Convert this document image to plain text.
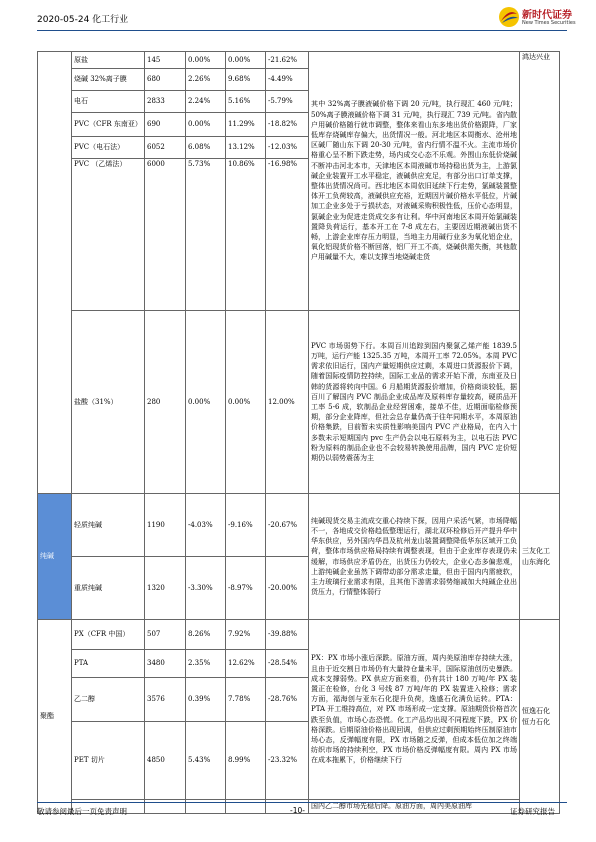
2020-05-24 化工行业	新时代证券
New Times Securities
	原盐	145	0.00%	0.00%	-21.62%	其中 32%离子膜液碱价格下调 20 元/吨，执行现汇 460 元/吨；50%离子膜液碱价格下调 31 元/吨，执行现汇 739 元/吨。省内散户用碱价格随行就市调整，整体来看山东多地出货价格跟降，厂家低库存烧碱库存偏大，出货情况一般。河北地区本周衡水、沧州地区碱厂随山东下调 20-30 元/吨，省内行情不温不火。主流市场价格重心呈不断下跌走势，场内成交心态不乐观。外围山东低价烧碱不断冲击河北本市，天津地区本周液碱市场持稳出货为主，上游氯碱企业装置开工水平稳定，液碱供应充足，有部分出口订单支撑，整体出货情况尚可。西北地区本周依旧延续下行走势，氯碱装置整体开工负荷较高，液碱供应充裕，近期因片碱价格水平低位，片碱加工企业多处于亏损状态，对液碱采购积极性低，压价心态明显，氯碱企业为促进走货成交多有让利。华中河南地区本周开始氯碱装置降负荷运行，基本开工在 7-8 成左右，主要因近期液碱出货不畅，上游企业库存压力明显，当地主力用碱行业多为氧化铝企业，氧化铝现货价格不断回落，铝厂开工不高，烧碱供需失衡，其他散户用碱量不大，难以支撑当地烧碱走货	鸿达兴业
	烧碱 32%离子膜	680	2.26%	9.68%	-4.49%		
	电石	2833	2.24%	5.16%	-5.79%		
	PVC（CFR 东南亚）	690	0.00%	11.29%	-18.82%		
	PVC（电石法）	6052	6.08%	13.12%	-12.03%		
	PVC （乙烯法）	6000	5.73%	10.86%	-16.98%		
	盐酸（31%）	280	0.00%	0.00%	12.00%	PVC 市场弱势下行。本周百川追踪到国内聚氯乙烯产能 1839.5 万吨，运行产能 1325.35 万吨，本周开工率 72.05%。本周 PVC 需求依旧运行，国内产量短期供应过剩，本周进口货源报价下调，随着国际疫情防控持续，国际工业品的需求开始下滑，东南亚及日韩的货源将转向中国。6 月船期货源报价增加，价格商谈较低，据百川了解国内 PVC 制品企业成品库及原料库存量较高，硬质品开工率 5-6 成，软制品企业经营困难，接单不佳，近期面临检修预期，部分企业降库，但社会总存量仍高于往年同期水平，本周原油价格集跌，目前暂未实质性影响美国内 PVC 产业格局，在内入十多数未示短期国内 pvc 生产仍会以电石原料为主，以电石法 PVC 粉为原料的制品企业也不会较易转换使用品牌，国内 PVC 定价短期仍以弱势震荡为主	
纯碱	轻质纯碱	1190	-4.03%	-9.16%	-20.67%	纯碱现货交易主流成交重心持续下探，因用户采活气紧，市场降幅不一，各地成交价格趋低整理运行，湖北双环检修后开产提升华中华东供应，另外国内华昌及杭州龙山装置调整降低华东区域开工负荷，整体市场供应格局持续有调整表现，但由于企业库存表现仍未缓解，市场供应矛盾仍在，出货压力仍较大，企业心态多偏悲观，上游纯碱企业虽然下调带动部分需求走量，但由于国内内需疲软，主力玻璃行业需求有限，且其他下游需求弱势缩减加大纯碱企业出货压力，行情整体弱行	三友化工
山东海化
	重质纯碱	1320	-3.30%	-8.97%	-20.00%		
聚酯	PX（CFR 中国）	507	8.26%	7.92%	-39.88%	PX：PX 市场小涨后深跌。原油方面，周内美原油库存持续大涨，且由于近交割日市场仍有大量持仓量未平，国际原油创历史暴跌。成本支撑弱势。PX 供应方面来看，仍有共计 180 万吨/年 PX 装置正在检修，台化 3 号线 87 万吨/年的 PX 装置进入检修；需求方面，福海创与亚东石化提升负荷，逸盛石化满负运转。PTA：PTA 开工维持高位，对 PX 市场形成一定支撑。原油期货价格首次跌至负值，市场心态恐慌。化工产品均出现不同程度下跌，PX 价格深跌。后期原油价格出现回调，但供应过剩预期始终压制原油市场心态，反弹幅度有限，PX 市场随之反弹，但成本低位加之终端纺织市场的持续利空，PX 市场价格反弹幅度有限。周内 PX 市场在成本拖累下，价格继续下行	恒逸石化
恒力石化
	PTA	3480	2.35%	12.62%	-28.54%		
	乙二醇	3576	0.39%	7.78%	-28.76%		
	PET 切片	4850	5.43%	8.99%	-23.32%		
						国内乙二醇市场先稳后降。原油方面，周内美原油库	
敬请参阅最后一页免责声明	-10-	证券研究报告
